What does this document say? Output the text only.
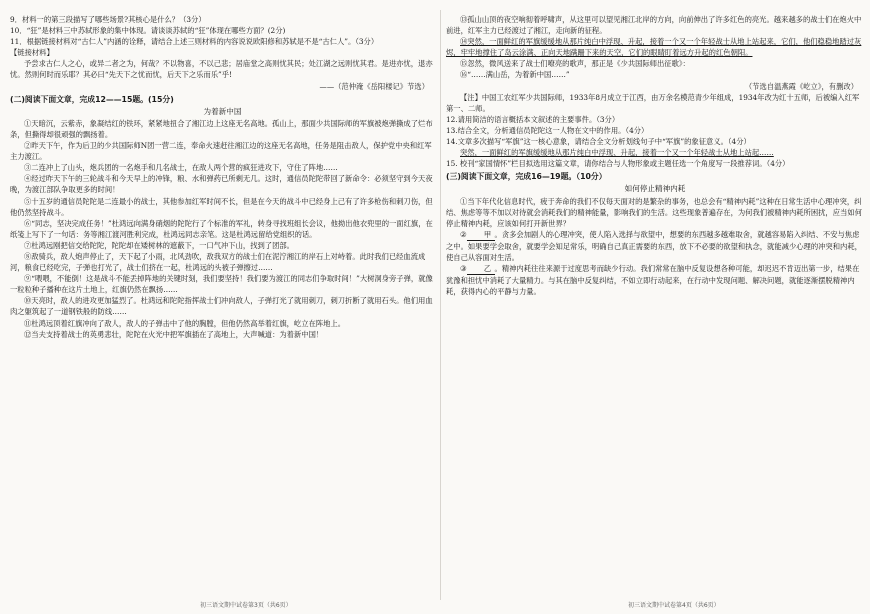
9．材料一的第三段描写了哪些场景?其核心是什么？（3分）

10．“狂”是材料三中苏轼形象的集中体现。请谈谈苏轼的“狂”体现在哪些方面？(2分)

11．根据链接材料对“古仁人”内涵的诠释，请结合上述三则材料的内容说说欧阳修和苏轼是不是“古仁人”。（3分）

【链接材料】

予尝求古仁人之心，或异二者之为，何哉？不以物喜，不以己悲；居庙堂之高则忧其民；处江湖之远则忧其君。是进亦忧，退亦忧。然则何时而乐耶？其必曰“先天下之忧而忧，后天下之乐而乐”乎!

——（范仲淹《岳阳楼记》节选）

(二)阅读下面文章，完成12——15题。(15分)

为着新中国

①天暗沉，云紫赤，象凝结红的铁环，紧紧地扭合了湘江边上这座无名高地。孤山上，那面少共国际师的军旗被炮弹撕成了烂布条，但撕得却很顽强的飘扬着。

②昨天下午，作为后卫的少共国际师N团一营二连，奉命火速赶往湘江边的这座无名高地，任务是阻击敌人，保护党中央和红军主力渡江。

③二连冲上了山头，炮兵团的一名炮手和几名战士，在敌人两个营的疯狂进攻下，守住了阵地……

④经过昨天下午的三轮战斗和今天早上的冲锋，粮、水和弹药已所剩无几。这时，通信员陀陀带回了新命令：必须坚守到今天夜晚，为渡江部队争取更多的时间！

⑤十五岁的通信员陀陀是二连最小的战士，其他参加红军时间不长，但是在今天的战斗中已经身上己有了许多枪伤和刺刀伤，但他仍然坚持战斗。

⑥“同志，坚决完成任务！”杜鸿远向满身硝烟的陀陀行了个标准的军礼，转身寻找班组长会议，他拗出他衣兜里的一面红旗，在纸笺上写下了一句话：务等湘江渡河胜利完成，杜鸿远同志亲笔。这是杜鸿远留给党组织的话。

⑦杜鸿远刚把信交给陀陀，陀陀却在矮树林的遮蔽下，一口气冲下山，找到了团部。

⑧敌骑兵，敌人炮声停止了，天下起了小雨，北风劲吹，敌我双方的战士们在泥泞湘江的岸石上对峙着。此时我们已经血流成河，粮食已经吃完，子弹也打光了，战士们挤在一起，杜鸿远的头被子弹擦过……

⑨“喂喂，不能倒！这是战斗不能丢掉阵地的关键时刻，我们要坚持！我们要为渡江的同志们争取时间！”大树洞身旁子弹，就像一粒粒种子播种在这片土地上，红旗仍然在飘扬……

⑩天亮时，敌人的进攻更加猛烈了。杜鸿远和陀陀指挥战士们冲向敌人，子弹打光了就用刺刀，刺刀折断了就用石头。他们用血肉之躯筑起了一道钢铁般的防线……

⑪杜鸿远顶着红旗冲向了敌人，敌人的子弹击中了他的胸膛，但他仍然高举着红旗，屹立在阵地上。

⑫当夫支持着战士的英勇悲壮，陀陀在火光中把军旗插在了高地上，大声喊道：为着新中国！

⑬孤山山顶的夜空响彻着呼啸声，从这里可以望见湘江北岸的方向，向前伸出了许多红色的亮光。越来越多的战士们在炮火中前进，红军主力已经渡过了湘江，走向新的征程。

⑭突然，一面鲜红的军旗缓缓地从那片纯白中浮现、升起，接着一个又一个年轻战士从地上站起来，它们，他们稳稳地踏过灰烬，牢牢地撑住了岛云涂满、正向天地蹒跚下来的天空，它们的眼睛盯着远方升起的红色朝阳。

⑮忽然，微风送来了战士们嘹亮的歌声，那正是《少共国际师出征歌》：

⑯“……满山岳，为着新中国……”

（节选自温燕霞《屹立》，有删改）

【注】中国工农红军少共国际师，1933年8月成立于江西，由万余名模范青少年组成，1934年改为红十五师，后被编入红军第一、二师。

12.请用简洁的语言概括本文叙述的主要事件。（3分）

13.结合全文，分析通信员陀陀这一人物在文中的作用。（4分）

14.文章多次描写“军旗”这一核心意象，请结合全文分析划线句子中“军旗”的象征意义。（4分）

突然，一面鲜红的军旗缓缓地从那片纯白中浮现、升起，接着一个又一个年轻战士从地上站起……

15. 校刊“家国情怀”栏目拟选用这篇文章，请你结合与人物形象或主题任选一个角度写一段推荐词。（4分）

(三)阅读下面文章，完成16—19题。（10分）

如何停止精神内耗

①当下年代化信息时代，疲于奔命的我们不仅每天面对的是繁杂的事务，也总会有“精神内耗”这种在日常生活中心理冲突，纠结、焦虑等等不加以对待就会消耗我们的精神能量，影响我们的生活。这些现象普遍存在，为何我们被精神内耗所困扰，应当如何停止精神内耗，应该如何打开新世界？

② 甲 。贪多会加剧人的心理冲突，使人陷入选择与欲望中，想要的东西越多越难取舍，就越容易陷入纠结、不安与焦虑之中。如果要学会取舍，就要学会知足常乐，明确自己真正需要的东西，放下不必要的欲望和执念，就能减少心理的冲突和内耗，使自己从容面对生活。

③ 乙 。精神内耗往往来源于过度思考而缺少行动。我们常常在脑中反复设想各种可能，却迟迟不肯迈出第一步，结果在犹豫和担忧中消耗了大量精力。与其在脑中反复纠结，不如立即行动起来，在行动中发现问题、解决问题，就能逐渐摆脱精神内耗，获得内心的平静与力量。

初三语文期中试卷第3页（共6页）	初三语文期中试卷第4页（共6页）
